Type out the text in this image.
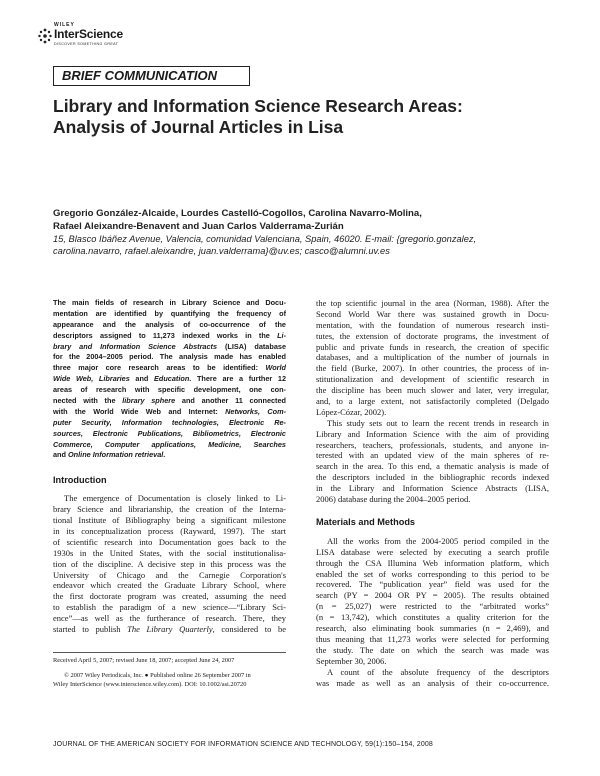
WILEY
InterScience
DISCOVER SOMETHING GREAT
BRIEF COMMUNICATION
Library and Information Science Research Areas:
Analysis of Journal Articles in Lisa
Gregorio González-Alcaide, Lourdes Castelló-Cogollos, Carolina Navarro-Molina,
Rafael Aleixandre-Benavent and Juan Carlos Valderrama-Zurián
15, Blasco Ibáñez Avenue, Valencia, comunidad Valenciana, Spain, 46020. E-mail: {gregorio.gonzalez,
carolina.navarro, rafael.aleixandre, juan.valderrama}@uv.es; casco@alumni.uv.es
The main fields of research in Library Science and Docu-
mentation are identified by quantifying the frequency of
appearance and the analysis of co-occurrence of the
descriptors assigned to 11,273 indexed works in the Li-
brary and Information Science Abstracts (LISA) database
for the 2004–2005 period. The analysis made has enabled
three major core research areas to be identified: World
Wide Web, Libraries and Education. There are a further 12
areas of research with specific development, one con-
nected with the library sphere and another 11 connected
with the World Wide Web and Internet: Networks, Com-
puter Security, Information technologies, Electronic Re-
sources, Electronic Publications, Bibliometrics, Electronic
Commerce, Computer applications, Medicine, Searches
and Online Information retrieval.
Introduction
The emergence of Documentation is closely linked to Li-
brary Science and librarianship, the creation of the Interna-
tional Institute of Bibliography being a significant milestone
in its conceptualization process (Rayward, 1997). The start
of scientific research into Documentation goes back to the
1930s in the United States, with the social institutionalisa-
tion of the discipline. A decisive step in this process was the
University of Chicago and the Carnegie Corporation's
endeavor which created the Graduate Library School, where
the first doctorate program was created, assuming the need
to establish the paradigm of a new science—“Library Sci-
ence”—as well as the furtherance of research. There, they
started to publish The Library Quarterly, considered to be
Received April 5, 2007; revised June 18, 2007; accepted June 24, 2007
© 2007 Wiley Periodicals, Inc. ● Published online 26 September 2007 in
Wiley InterScience (www.interscience.wiley.com). DOI: 10.1002/asi.20720
the top scientific journal in the area (Norman, 1988). After the
Second World War there was sustained growth in Docu-
mentation, with the foundation of numerous research insti-
tutes, the extension of doctorate programs, the investment of
public and private funds in research, the creation of specific
databases, and a multiplication of the number of journals in
the field (Burke, 2007). In other countries, the process of in-
stitutionalization and development of scientific research in
the discipline has been much slower and later, very irregular,
and, to a large extent, not satisfactorily completed (Delgado
López-Cózar, 2002).
This study sets out to learn the recent trends in research in
Library and Information Science with the aim of providing
researchers, teachers, professionals, students, and anyone in-
terested with an updated view of the main spheres of re-
search in the area. To this end, a thematic analysis is made of
the descriptors included in the bibliographic records indexed
in the Library and Information Science Abstracts (LISA,
2006) database during the 2004–2005 period.
Materials and Methods
All the works from the 2004-2005 period compiled in the
LISA database were selected by executing a search profile
through the CSA Illumina Web information platform, which
enabled the set of works corresponding to this period to be
recovered. The “publication year” field was used for the
search (PY = 2004 OR PY = 2005). The results obtained
(n = 25,027) were restricted to the “arbitrated works”
(n = 13,742), which constitutes a quality criterion for the
research, also eliminating book summaries (n = 2,469), and
thus meaning that 11,273 works were selected for performing
the study. The date on which the search was made was
September 30, 2006.
A count of the absolute frequency of the descriptors
was made as well as an analysis of their co-occurrence.
JOURNAL OF THE AMERICAN SOCIETY FOR INFORMATION SCIENCE AND TECHNOLOGY, 59(1):150–154, 2008
